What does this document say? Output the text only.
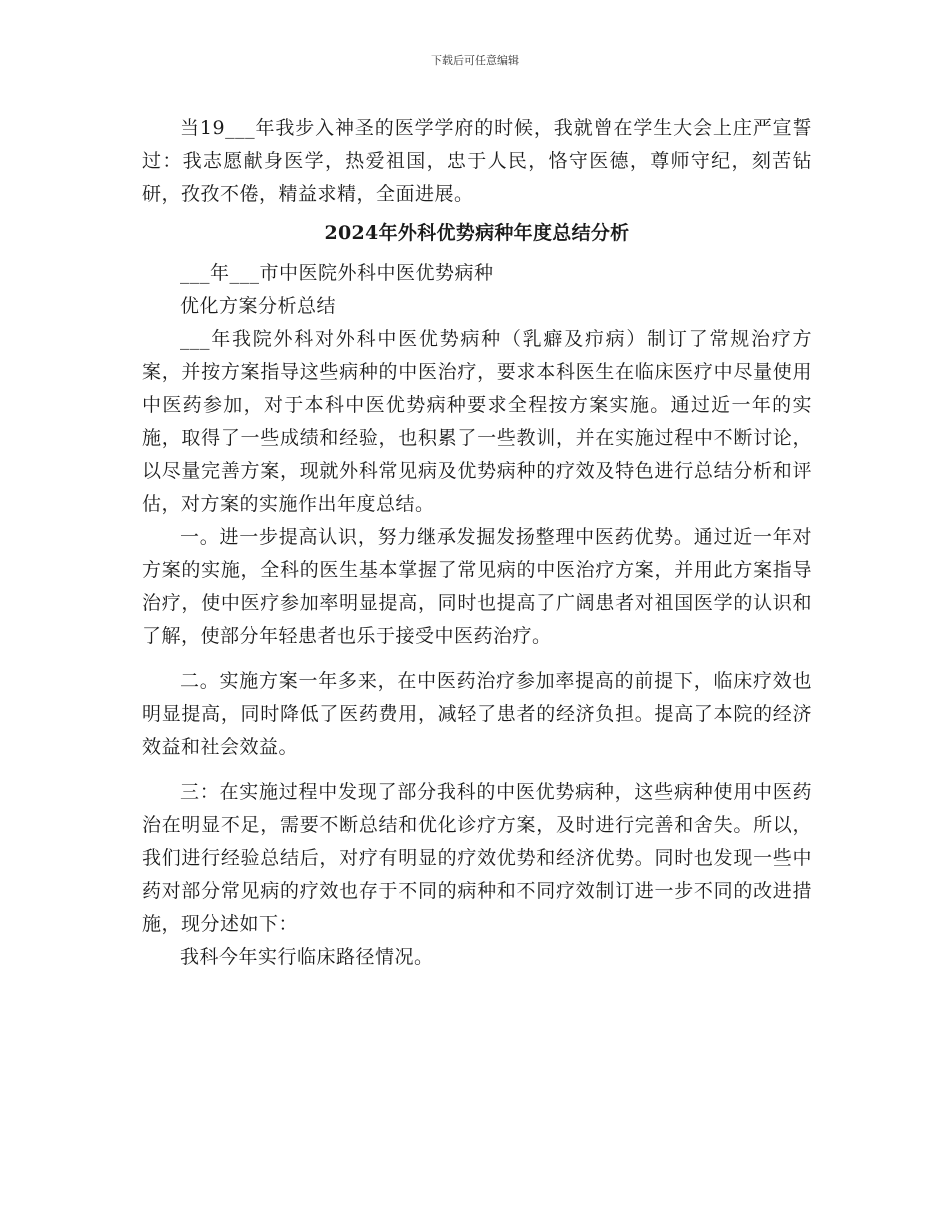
下载后可任意编辑

当19___年我步入神圣的医学学府的时候，我就曾在学生大会上庄严宣誓过：我志愿献身医学，热爱祖国，忠于人民，恪守医德，尊师守纪，刻苦钻研，孜孜不倦，精益求精，全面进展。

2024年外科优势病种年度总结分析

___年___市中医院外科中医优势病种

优化方案分析总结

___年我院外科对外科中医优势病种（乳癖及疖病）制订了常规治疗方案，并按方案指导这些病种的中医治疗，要求本科医生在临床医疗中尽量使用中医药参加，对于本科中医优势病种要求全程按方案实施。通过近一年的实施，取得了一些成绩和经验，也积累了一些教训，并在实施过程中不断讨论，以尽量完善方案，现就外科常见病及优势病种的疗效及特色进行总结分析和评估，对方案的实施作出年度总结。

一。进一步提高认识，努力继承发掘发扬整理中医药优势。通过近一年对方案的实施，全科的医生基本掌握了常见病的中医治疗方案，并用此方案指导治疗，使中医疗参加率明显提高，同时也提高了广阔患者对祖国医学的认识和了解，使部分年轻患者也乐于接受中医药治疗。

二。实施方案一年多来，在中医药治疗参加率提高的前提下，临床疗效也明显提高，同时降低了医药费用，减轻了患者的经济负担。提高了本院的经济效益和社会效益。

三：在实施过程中发现了部分我科的中医优势病种，这些病种使用中医药治在明显不足，需要不断总结和优化诊疗方案，及时进行完善和舍失。所以，我们进行经验总结后，对疗有明显的疗效优势和经济优势。同时也发现一些中药对部分常见病的疗效也存于不同的病种和不同疗效制订进一步不同的改进措施，现分述如下：

我科今年实行临床路径情况。
